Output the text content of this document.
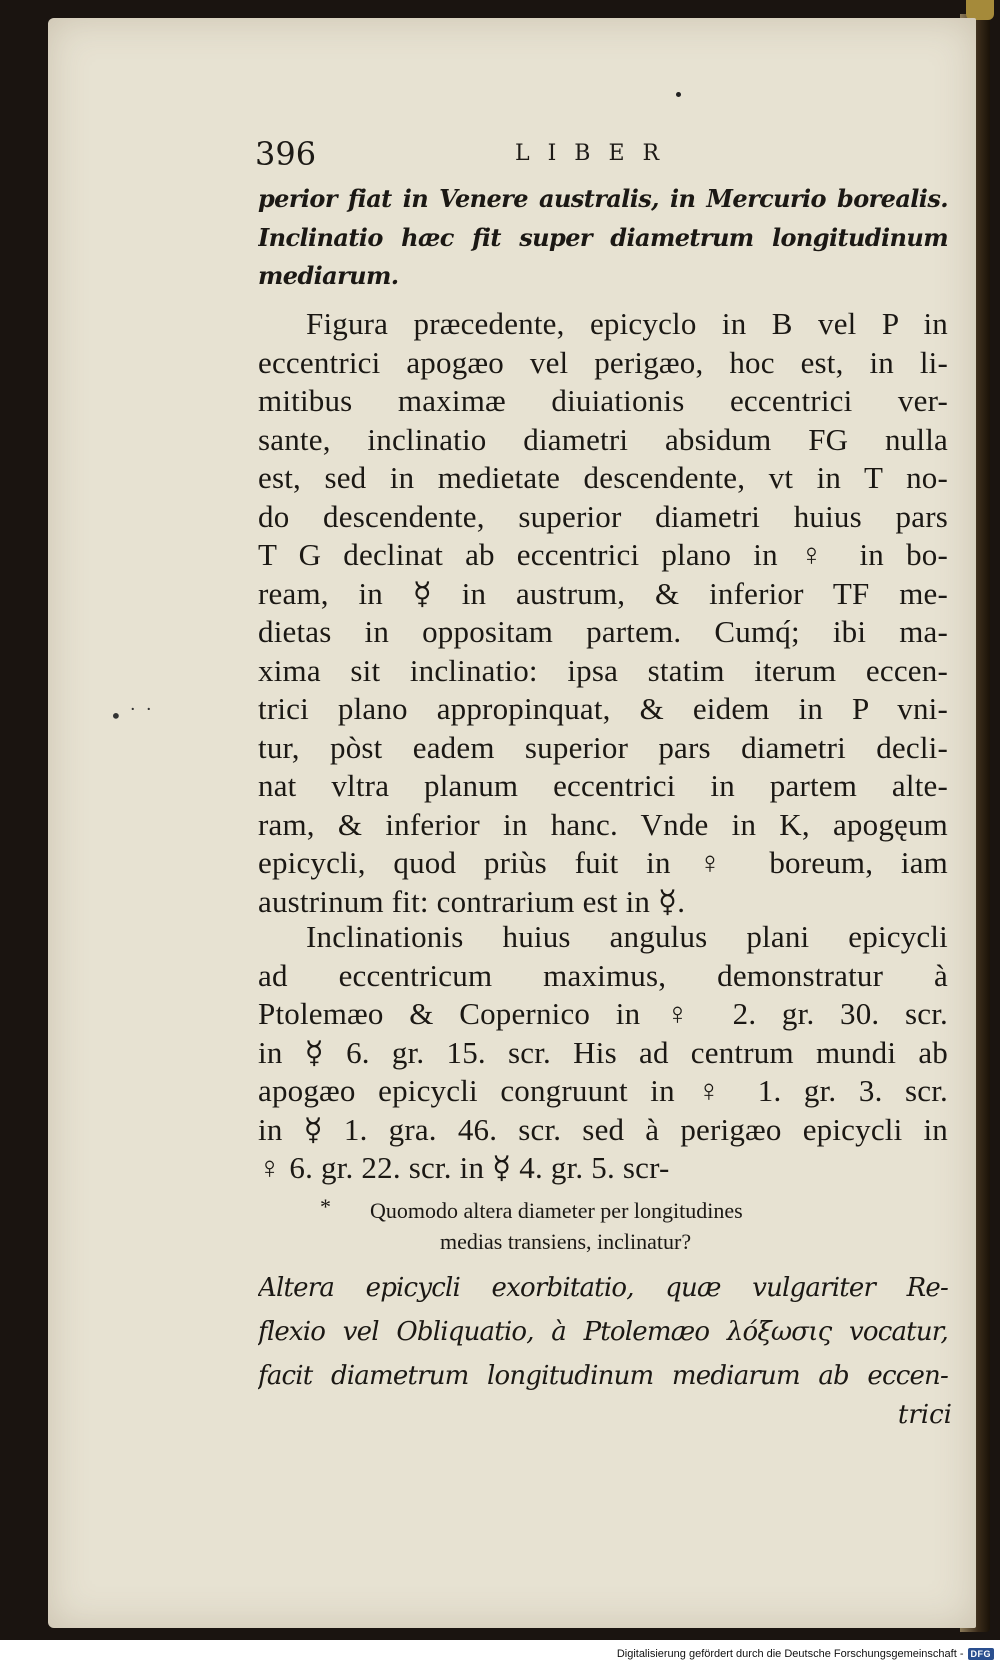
•˙˙
396	LIBER
perior fiat in Venere australis, in Mercurio borealis.
Inclinatio hæc fit super diametrum longitudinum
mediarum.
Figura præcedente, epicyclo in B vel P in
eccentrici apogæo vel perigæo, hoc est, in li-
mitibus maximæ diuiationis eccentrici ver-
sante, inclinatio diametri absidum FG nulla
est, sed in medietate descendente, vt in T no-
do descendente, superior diametri huius pars
T G declinat ab eccentrici plano in ♀ in bo-
ream, in ☿ in austrum, & inferior TF me-
dietas in oppositam partem. Cumq́; ibi ma-
xima sit inclinatio: ipsa statim iterum eccen-
trici plano appropinquat, & eidem in P vni-
tur, pòst eadem superior pars diametri decli-
nat vltra planum eccentrici in partem alte-
ram, & inferior in hanc. Vnde in K, apogęum
epicycli, quod priùs fuit in ♀ boreum, iam
austrinum fit: contrarium est in ☿.
Inclinationis huius angulus plani epicycli
ad eccentricum maximus, demonstratur à
Ptolemæo & Copernico in ♀ 2. gr. 30. scr.
in ☿ 6. gr. 15. scr. His ad centrum mundi ab
apogæo epicycli congruunt in ♀ 1. gr. 3. scr.
in ☿ 1. gra. 46. scr. sed à perigæo epicycli in
♀ 6. gr. 22. scr. in ☿ 4. gr. 5. scr-
*	Quomodo altera diameter per longitudines
medias transiens, inclinatur?
Altera epicycli exorbitatio, quæ vulgariter Re-
flexio vel Obliquatio, à Ptolemæo λόξωσις vocatur,
facit diametrum longitudinum mediarum ab eccen-
trici
Digitalisierung gefördert durch die Deutsche Forschungsgemeinschaft - DFG
